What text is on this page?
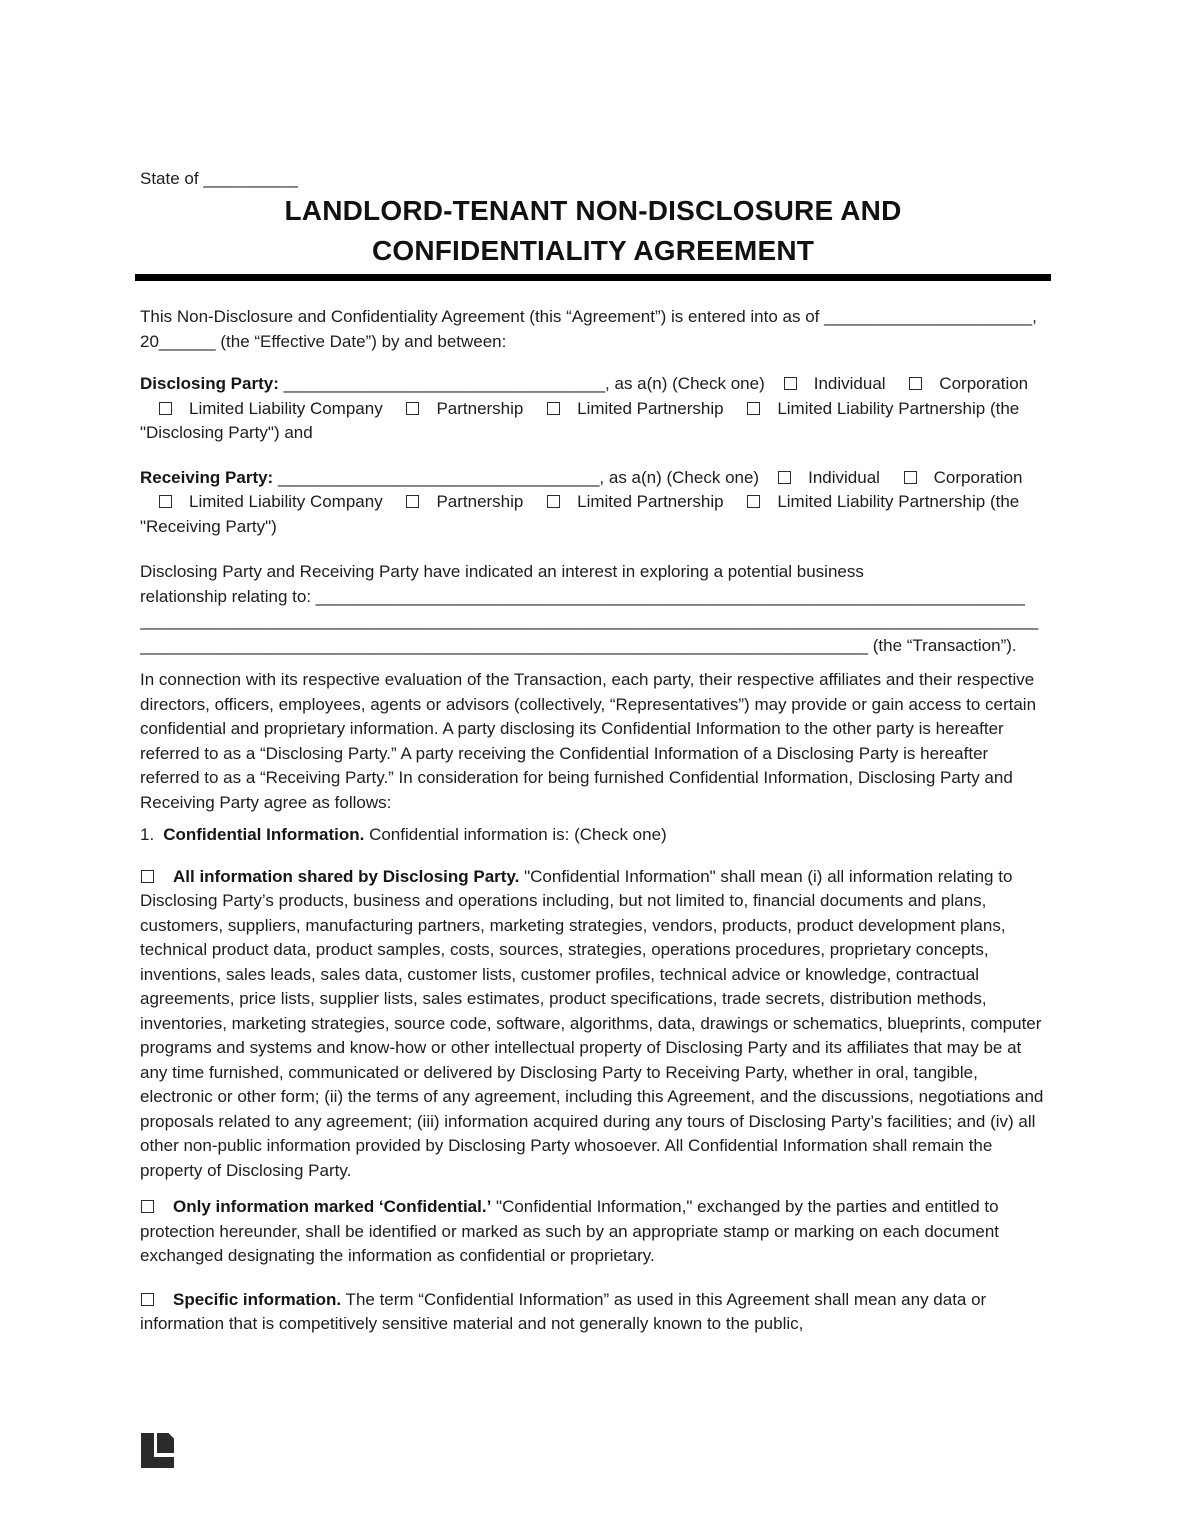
State of __________
LANDLORD-TENANT NON-DISCLOSURE AND
CONFIDENTIALITY AGREEMENT

This Non-Disclosure and Confidentiality Agreement (this “Agreement”) is entered into as of ______________________, 20______ (the “Effective Date”) by and between:

Disclosing Party: __________________________________, as a(n) (Check one)	Individual	Corporation Limited Liability Company	Partnership	Limited Partnership	Limited Liability Partnership (the "Disclosing Party") and

Receiving Party: __________________________________, as a(n) (Check one)	Individual	Corporation Limited Liability Company	Partnership	Limited Partnership	Limited Liability Partnership (the "Receiving Party")

Disclosing Party and Receiving Party have indicated an interest in exploring a potential business
relationship relating to: ___________________________________________________________________________
_______________________________________________________________________________________________
_____________________________________________________________________________ (the “Transaction”).

In connection with its respective evaluation of the Transaction, each party, their respective affiliates and their respective directors, officers, employees, agents or advisors (collectively, “Representatives”) may provide or gain access to certain confidential and proprietary information. A party disclosing its Confidential Information to the other party is hereafter referred to as a “Disclosing Party.” A party receiving the Confidential Information of a Disclosing Party is hereafter referred to as a “Receiving Party.” In consideration for being furnished Confidential Information, Disclosing Party and Receiving Party agree as follows:

1. Confidential Information. Confidential information is: (Check one)

All information shared by Disclosing Party. "Confidential Information" shall mean (i) all information relating to Disclosing Party’s products, business and operations including, but not limited to, financial documents and plans, customers, suppliers, manufacturing partners, marketing strategies, vendors, products, product development plans, technical product data, product samples, costs, sources, strategies, operations procedures, proprietary concepts, inventions, sales leads, sales data, customer lists, customer profiles, technical advice or knowledge, contractual agreements, price lists, supplier lists, sales estimates, product specifications, trade secrets, distribution methods, inventories, marketing strategies, source code, software, algorithms, data, drawings or schematics, blueprints, computer programs and systems and know-how or other intellectual property of Disclosing Party and its affiliates that may be at any time furnished, communicated or delivered by Disclosing Party to Receiving Party, whether in oral, tangible, electronic or other form; (ii) the terms of any agreement, including this Agreement, and the discussions, negotiations and proposals related to any agreement; (iii) information acquired during any tours of Disclosing Party’s facilities; and (iv) all other non-public information provided by Disclosing Party whosoever. All Confidential Information shall remain the property of Disclosing Party.

Only information marked ‘Confidential.’ "Confidential Information," exchanged by the parties and entitled to protection hereunder, shall be identified or marked as such by an appropriate stamp or marking on each document exchanged designating the information as confidential or proprietary.

Specific information. The term “Confidential Information” as used in this Agreement shall mean any data or information that is competitively sensitive material and not generally known to the public,
